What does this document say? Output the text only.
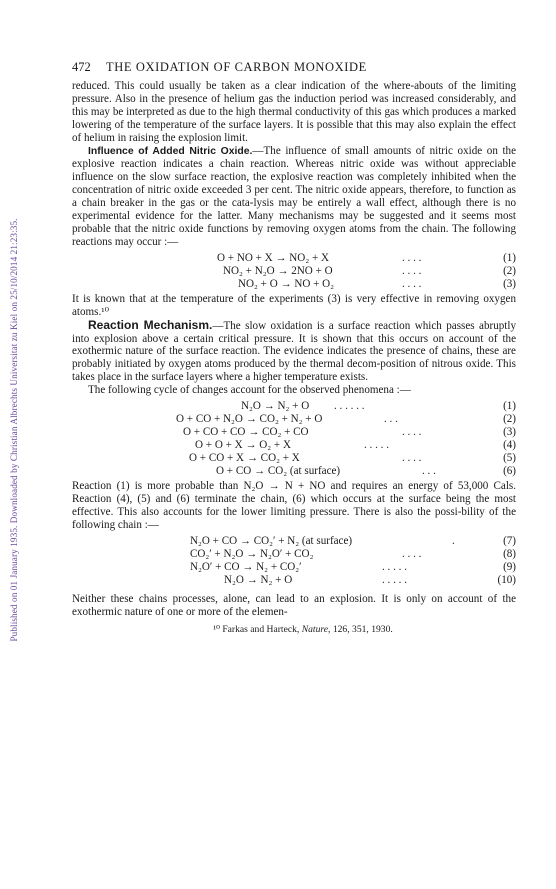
Published on 01 January 1935. Downloaded by Christian Albrechts Universitat zu Kiel on 25/10/2014 21:23:35.
472 THE OXIDATION OF CARBON MONOXIDE

reduced. This could usually be taken as a clear indication of the where-abouts of the limiting pressure. Also in the presence of helium gas the induction period was increased considerably, and this may be interpreted as due to the high thermal conductivity of this gas which produces a marked lowering of the temperature of the surface layers. It is possible that this may also explain the effect of helium in raising the explosion limit.

Influence of Added Nitric Oxide.—The influence of small amounts of nitric oxide on the explosive reaction indicates a chain reaction. Whereas nitric oxide was without appreciable influence on the slow surface reaction, the explosive reaction was completely inhibited when the concentration of nitric oxide exceeded 3 per cent. The nitric oxide appears, therefore, to function as a chain breaker in the gas or the cata-lysis may be entirely a wall effect, although there is no experimental evidence for the latter. Many mechanisms may be suggested and it seems most probable that the nitric oxide functions by removing oxygen atoms from the chain. The following reactions may occur :—

O + NO + X → NO₂ + X	. . . .	(1)
NO₂ + N₂O → 2NO + O	. . . .	(2)
NO₂ + O → NO + O₂	. . . .	(3)

It is known that at the temperature of the experiments (3) is very effective in removing oxygen atoms.¹⁰

Reaction Mechanism.—The slow oxidation is a surface reaction which passes abruptly into explosion above a certain critical pressure. It is shown that this occurs on account of the exothermic nature of the surface reaction. The evidence indicates the presence of chains, these are probably initiated by oxygen atoms produced by the thermal decom-position of nitrous oxide. This takes place in the surface layers where a higher temperature exists.

The following cycle of changes account for the observed phenomena :—

N₂O → N₂ + O . . . . . .	(1)
O + CO + N₂O → CO₂ + N₂ + O	. . .	(2)
O + CO + CO → CO₂ + CO	. . . .	(3)
O + O + X → O₂ + X	. . . . .	(4)
O + CO + X → CO₂ + X	. . . .	(5)
O + CO → CO₂ (at surface)	. . .	(6)

Reaction (1) is more probable than N₂O → N + NO and requires an energy of 53,000 Cals. Reaction (4), (5) and (6) terminate the chain, (6) which occurs at the surface being the most effective. This also accounts for the lower limiting pressure. There is also the possi-bility of the following chain :—

N₂O + CO → CO₂′ + N₂ (at surface)	.	(7)
CO₂′ + N₂O → N₂O′ + CO₂	. . . .	(8)
N₂O′ + CO → N₂ + CO₂′	. . . . .	(9)
N₂O → N₂ + O	. . . . .	(10)

Neither these chains processes, alone, can lead to an explosion. It is only on account of the exothermic nature of one or more of the elemen-

¹⁰ Farkas and Harteck, Nature, 126, 351, 1930.
